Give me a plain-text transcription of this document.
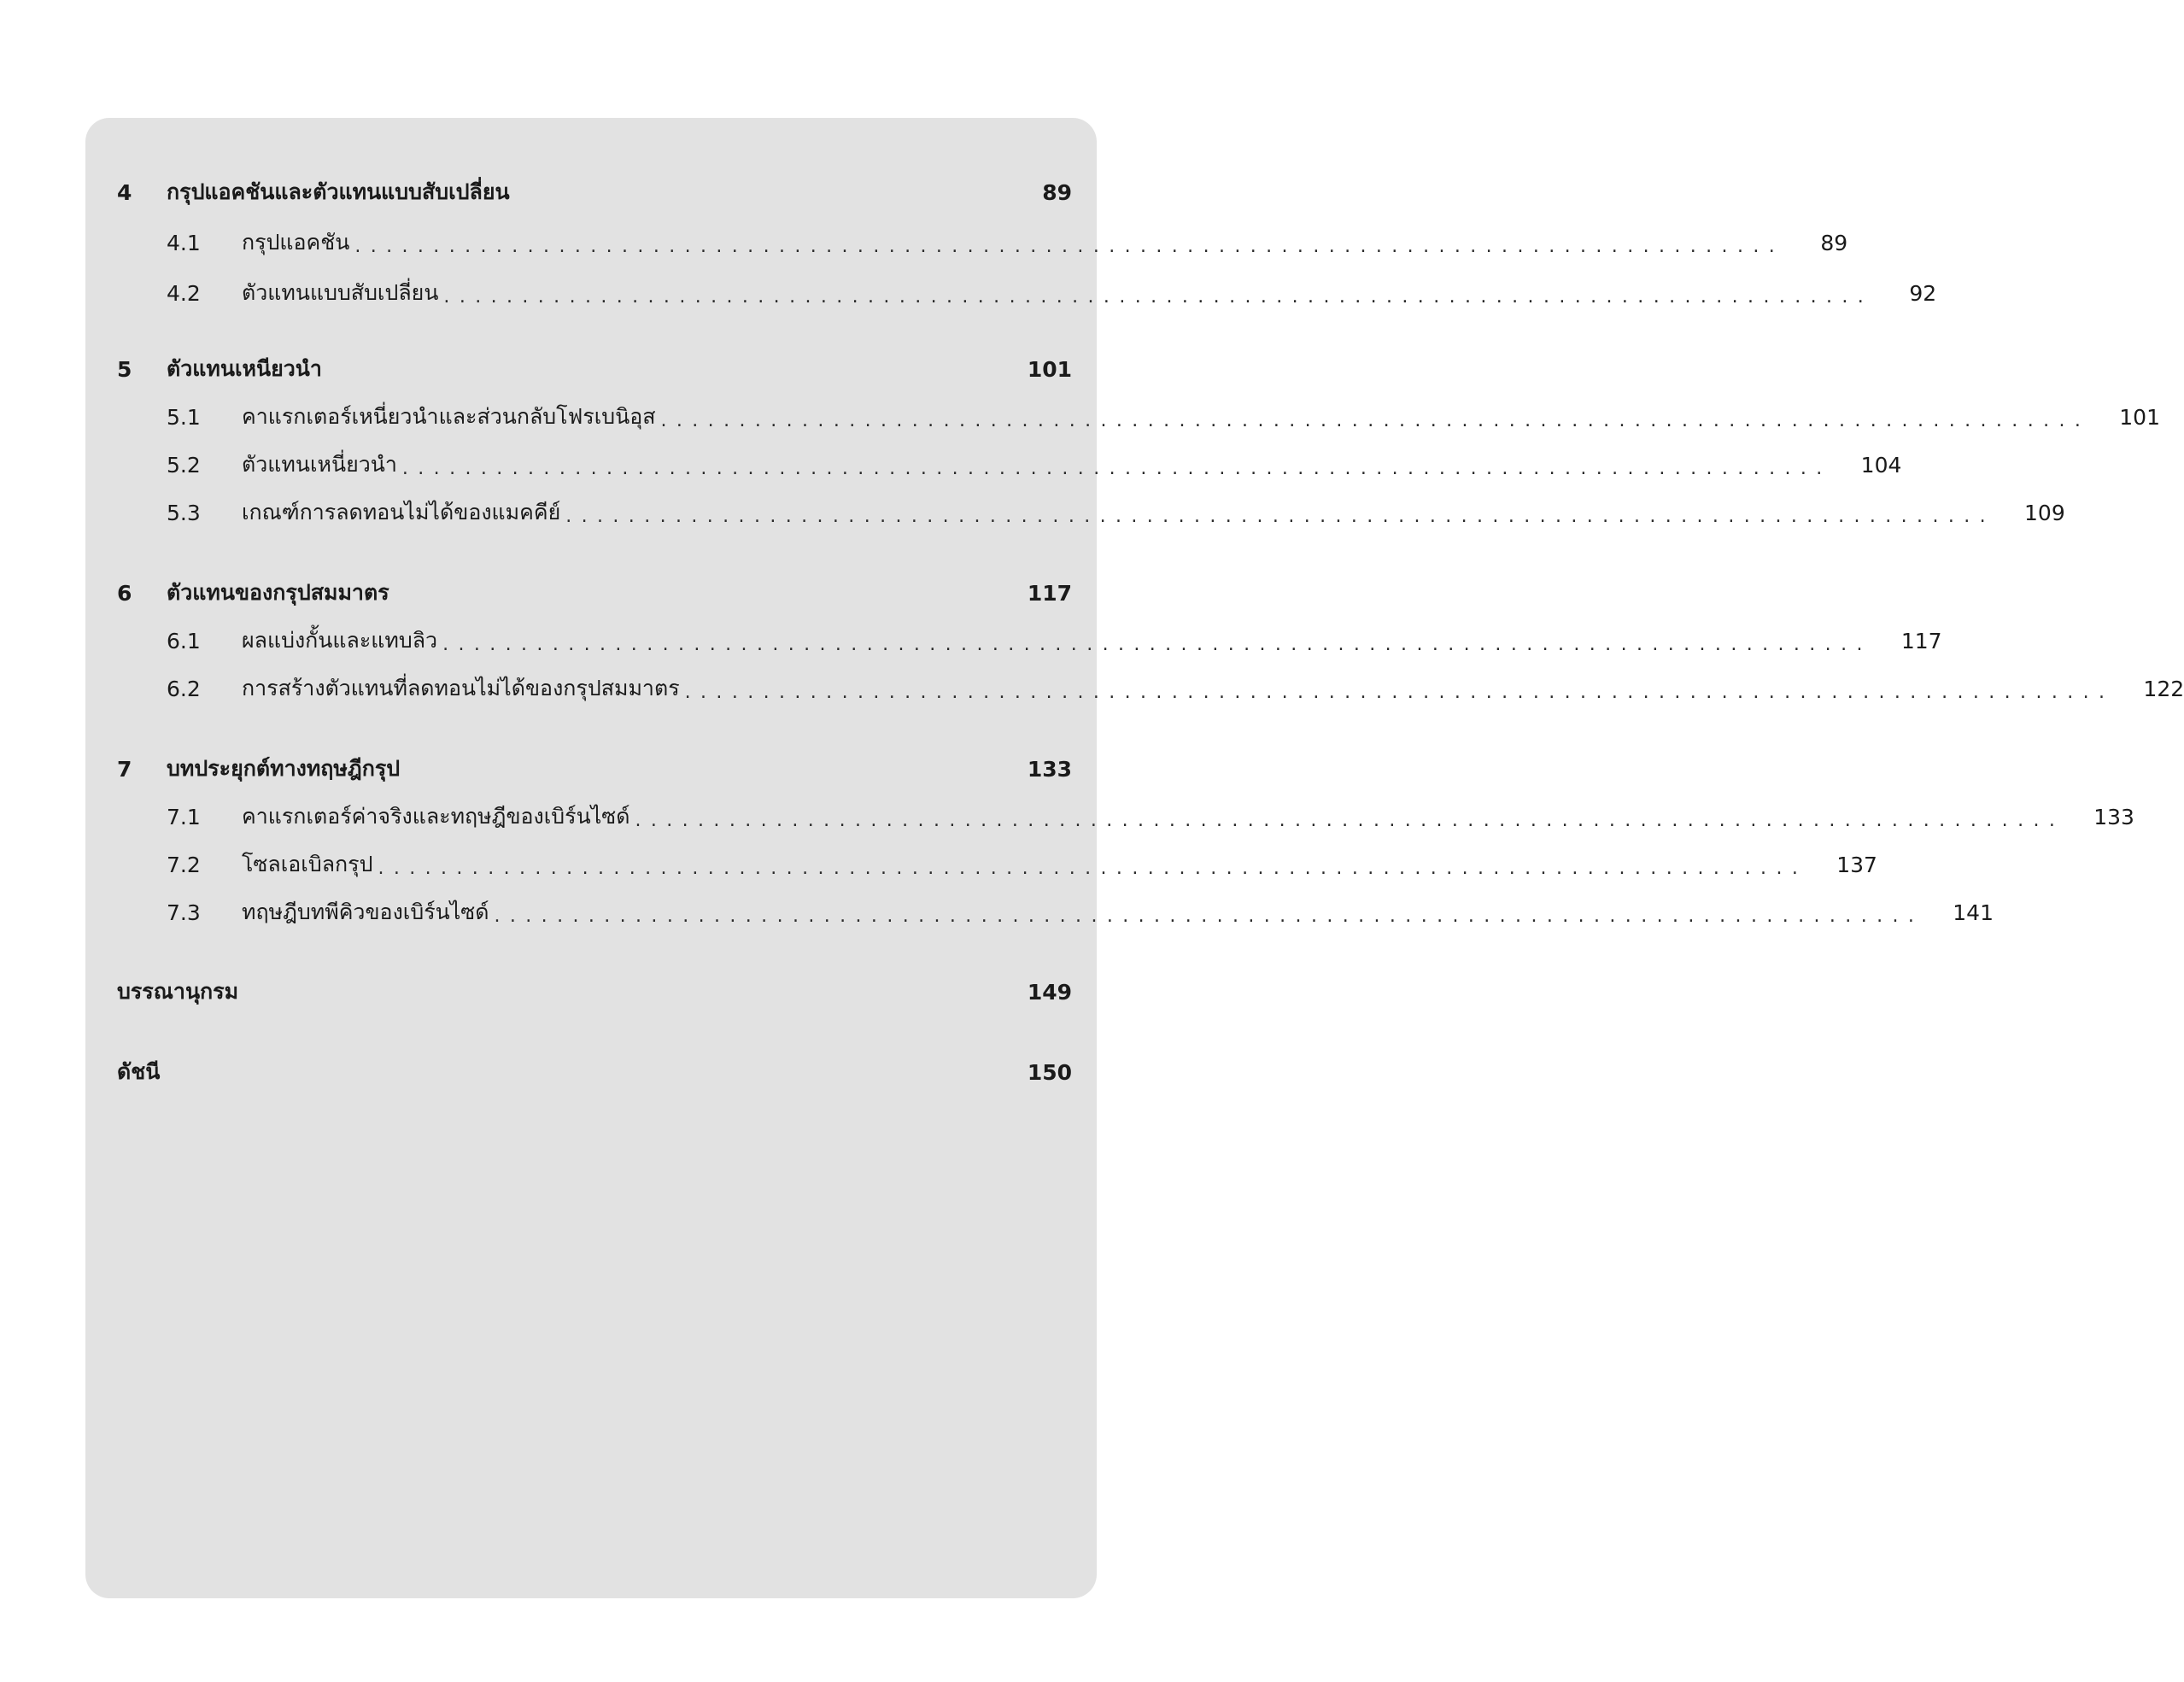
4	กรุปแอคชันและตัวแทนแบบสับเปลี่ยน	89
4.1	กรุปแอคชัน ...........................................................................................	89
4.2	ตัวแทนแบบสับเปลี่ยน ...........................................................................................	92
5	ตัวแทนเหนียวนำ	101
5.1	คาแรกเตอร์เหนี่ยวนำและส่วนกลับโฟรเบนิอุส ........................................................................................... 101
5.2	ตัวแทนเหนี่ยวนำ ........................................................................................... 104
5.3	เกณฑ์การลดทอนไม่ได้ของแมคคีย์ ........................................................................................... 109
6	ตัวแทนของกรุปสมมาตร	117
6.1	ผลแบ่งกั้นและแทบลิว ........................................................................................... 117
6.2	การสร้างตัวแทนที่ลดทอนไม่ได้ของกรุปสมมาตร ........................................................................................... 122
7	บทประยุกต์ทางทฤษฎีกรุป	133
7.1	คาแรกเตอร์ค่าจริงและทฤษฎีของเบิร์นไซด์ ........................................................................................... 133
7.2	โซลเอเบิลกรุป ........................................................................................... 137
7.3	ทฤษฎีบทพีคิวของเบิร์นไซด์ ........................................................................................... 141
บรรณานุกรม	149
ดัชนี	150
